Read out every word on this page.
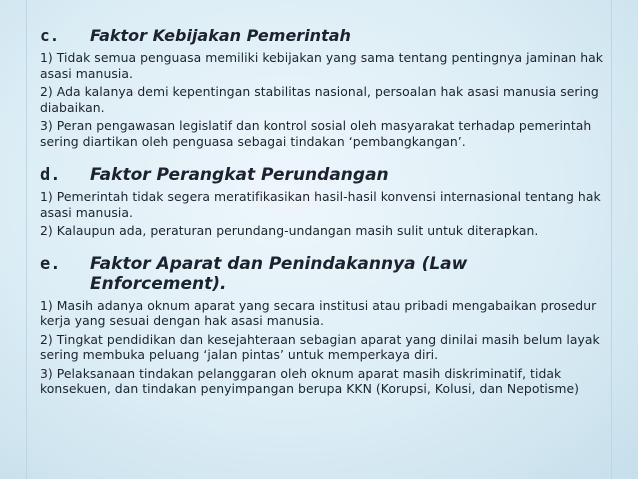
c.	Faktor Kebijakan Pemerintah

1) Tidak semua penguasa memiliki kebijakan yang sama tentang pentingnya jaminan hak asasi manusia.

2) Ada kalanya demi kepentingan stabilitas nasional, persoalan hak asasi manusia sering diabaikan.

3) Peran pengawasan legislatif dan kontrol sosial oleh masyarakat terhadap pemerintah sering diartikan oleh penguasa sebagai tindakan ‘pembangkangan’.

d.	Faktor Perangkat Perundangan

1) Pemerintah tidak segera meratifikasikan hasil-hasil konvensi internasional tentang hak asasi manusia.

2) Kalaupun ada, peraturan perundang-undangan masih sulit untuk diterapkan.

e.	Faktor Aparat dan Penindakannya (Law Enforcement).

1) Masih adanya oknum aparat yang secara institusi atau pribadi mengabaikan prosedur kerja yang sesuai dengan hak asasi manusia.

2) Tingkat pendidikan dan kesejahteraan sebagian aparat yang dinilai masih belum layak sering membuka peluang ‘jalan pintas’ untuk memperkaya diri.

3) Pelaksanaan tindakan pelanggaran oleh oknum aparat masih diskriminatif, tidak konsekuen, dan tindakan penyimpangan berupa KKN (Korupsi, Kolusi, dan Nepotisme)
